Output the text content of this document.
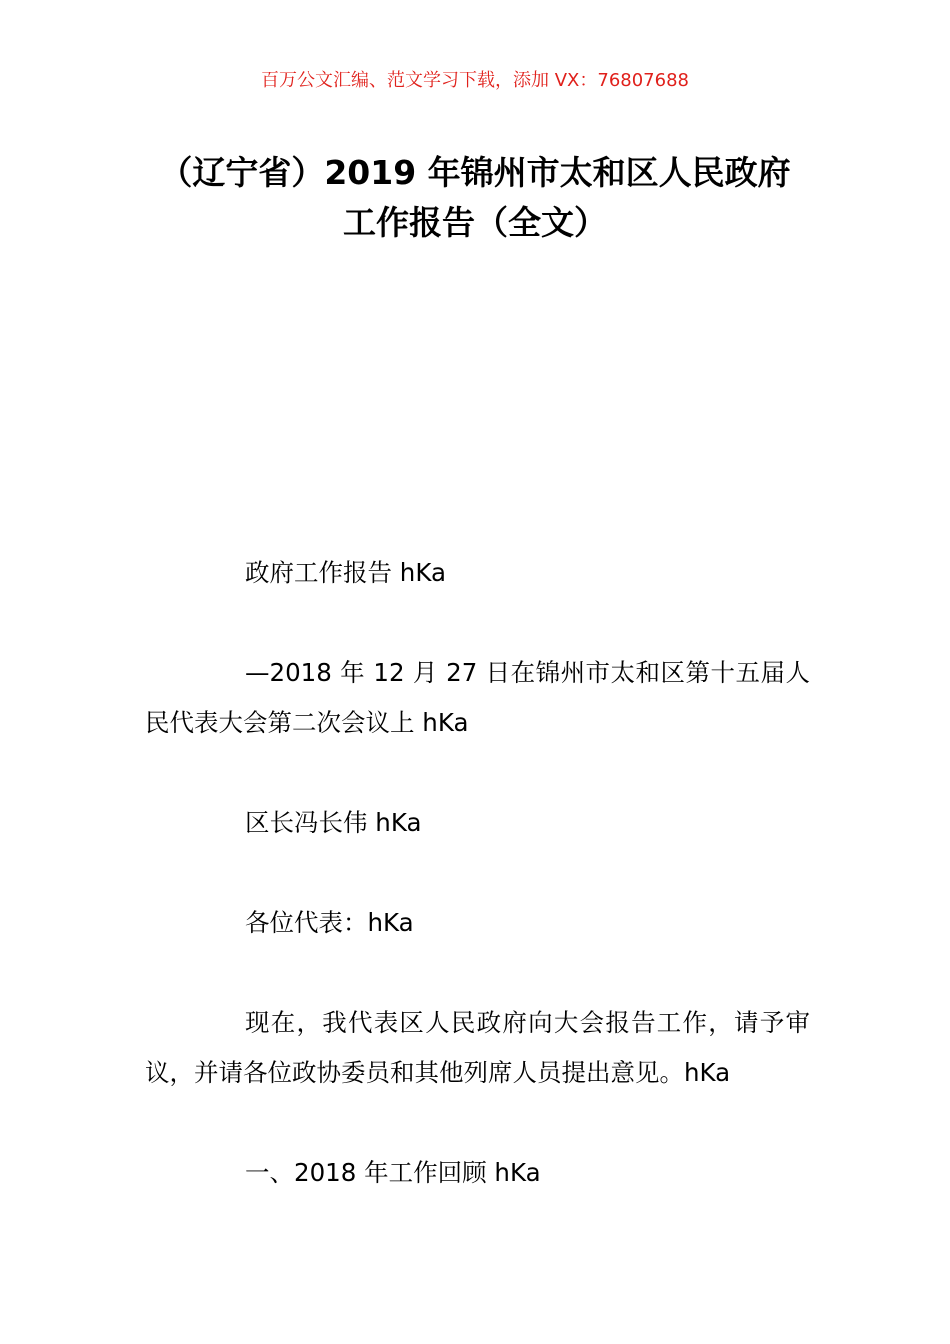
百万公文汇编、范文学习下载，添加 VX：76807688
（辽宁省）2019 年锦州市太和区人民政府
工作报告（全文）

政府工作报告 hKa

—2018 年 12 月 27 日在锦州市太和区第十五届人民代表大会第二次会议上 hKa

区长冯长伟 hKa

各位代表：hKa

现在，我代表区人民政府向大会报告工作，请予审议，并请各位政协委员和其他列席人员提出意见。hKa

一、2018 年工作回顾 hKa
